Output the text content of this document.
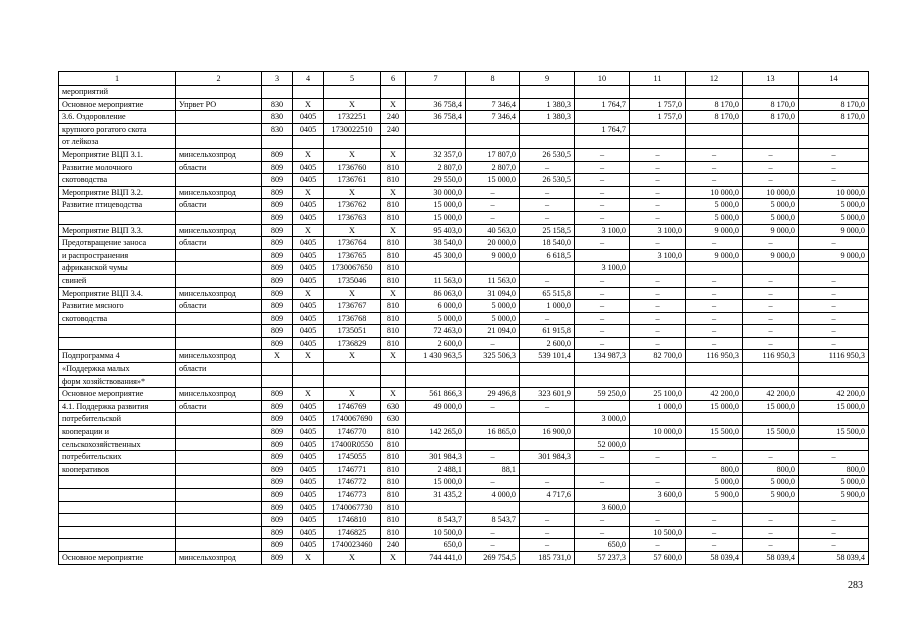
1	2	3	4	5	6	7	8	9	10	11	12	13	14
мероприятий													
Основное мероприятие	Упрвет РО	830	Х	Х	Х	36 758,4	7 346,4	1 380,3	1 764,7	1 757,0	8 170,0	8 170,0	8 170,0
3.6. Оздоровление		830	0405	1732251	240	36 758,4	7 346,4	1 380,3		1 757,0	8 170,0	8 170,0	8 170,0
крупного рогатого скота		830	0405	1730022510	240				1 764,7				
от лейкоза													
Мероприятие ВЦП 3.1.	минсельхозпрод	809	Х	Х	Х	32 357,0	17 807,0	26 530,5	–	–	–	–	–
Развитие молочного	области	809	0405	1736760	810	2 807,0	2 807,0	–	–	–	–	–	–
скотоводства		809	0405	1736761	810	29 550,0	15 000,0	26 530,5	–	–	–	–	–
Мероприятие ВЦП 3.2.	минсельхозпрод	809	Х	Х	Х	30 000,0	–	–	–	–	10 000,0	10 000,0	10 000,0
Развитие птицеводства	области	809	0405	1736762	810	15 000,0	–	–	–	–	5 000,0	5 000,0	5 000,0
		809	0405	1736763	810	15 000,0	–	–	–	–	5 000,0	5 000,0	5 000,0
Мероприятие ВЦП 3.3.	минсельхозпрод	809	Х	Х	Х	95 403,0	40 563,0	25 158,5	3 100,0	3 100,0	9 000,0	9 000,0	9 000,0
Предотвращение заноса	области	809	0405	1736764	810	38 540,0	20 000,0	18 540,0	–	–	–	–	–
и распространения		809	0405	1736765	810	45 300,0	9 000,0	6 618,5		3 100,0	9 000,0	9 000,0	9 000,0
африканской чумы		809	0405	1730067650	810				3 100,0				
свиней		809	0405	1735046	810	11 563,0	11 563,0	–	–	–	–	–	–
Мероприятие ВЦП 3.4.	минсельхозпрод	809	Х	Х	Х	86 063,0	31 094,0	65 515,8	–	–	–	–	–
Развитие мясного	области	809	0405	1736767	810	6 000,0	5 000,0	1 000,0	–	–	–	–	–
скотоводства		809	0405	1736768	810	5 000,0	5 000,0	–	–	–	–	–	–
		809	0405	1735051	810	72 463,0	21 094,0	61 915,8	–	–	–	–	–
		809	0405	1736829	810	2 600,0	–	2 600,0	–	–	–	–	–
Подпрограмма 4	минсельхозпрод	Х	Х	Х	Х	1 430 963,5	325 506,3	539 101,4	134 987,3	82 700,0	116 950,3	116 950,3	1116 950,3
«Поддержка малых	области												
форм хозяйствования»*													
Основное мероприятие	минсельхозпрод	809	Х	Х	Х	561 866,3	29 496,8	323 601,9	59 250,0	25 100,0	42 200,0	42 200,0	42 200,0
4.1. Поддержка развития	области	809	0405	1746769	630	49 000,0	–	–		1 000,0	15 000,0	15 000,0	15 000,0
потребительской		809	0405	1740067690	630				3 000,0				
кооперации и		809	0405	1746770	810	142 265,0	16 865,0	16 900,0		10 000,0	15 500,0	15 500,0	15 500,0
сельскохозяйственных		809	0405	17400R0550	810				52 000,0				
потребительских		809	0405	1745055	810	301 984,3	–	301 984,3	–	–	–	–	–
кооперативов		809	0405	1746771	810	2 488,1	88,1				800,0	800,0	800,0
		809	0405	1746772	810	15 000,0	–	–	–	–	5 000,0	5 000,0	5 000,0
		809	0405	1746773	810	31 435,2	4 000,0	4 717,6		3 600,0	5 900,0	5 900,0	5 900,0
		809	0405	1740067730	810				3 600,0				
		809	0405	1746810	810	8 543,7	8 543,7	–	–	–	–	–	–
		809	0405	1746825	810	10 500,0	–	–	–	10 500,0	–	–	–
		809	0405	1740023460	240	650,0	–	–	650,0	–	–	–	–
Основное мероприятие	минсельхозпрод	809	Х	Х	Х	744 441,0	269 754,5	185 731,0	57 237,3	57 600,0	58 039,4	58 039,4	58 039,4
283
